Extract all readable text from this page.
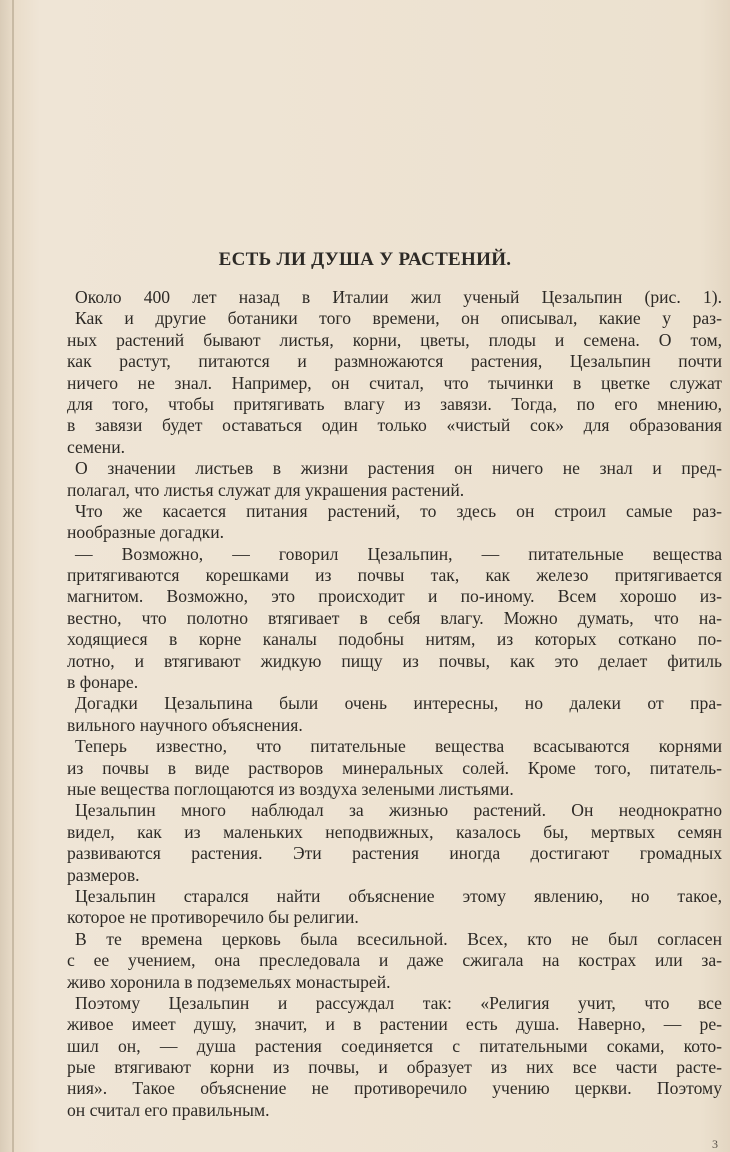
ЕСТЬ ЛИ ДУША У РАСТЕНИЙ.
Около 400 лет назад в Италии жил ученый Цезальпин (рис. 1).
Как и другие ботаники того времени, он описывал, какие у раз-
ных растений бывают листья, корни, цветы, плоды и семена. О том,
как растут, питаются и размножаются растения, Цезальпин почти
ничего не знал. Например, он считал, что тычинки в цветке служат
для того, чтобы притягивать влагу из завязи. Тогда, по его мнению,
в завязи будет оставаться один только «чистый сок» для образования
семени.
О значении листьев в жизни растения он ничего не знал и пред-
полагал, что листья служат для украшения растений.
Что же касается питания растений, то здесь он строил самые раз-
нообразные догадки.
— Возможно, — говорил Цезальпин, — питательные вещества
притягиваются корешками из почвы так, как железо притягивается
магнитом. Возможно, это происходит и по-иному. Всем хорошо из-
вестно, что полотно втягивает в себя влагу. Можно думать, что на-
ходящиеся в корне каналы подобны нитям, из которых соткано по-
лотно, и втягивают жидкую пищу из почвы, как это делает фитиль
в фонаре.
Догадки Цезальпина были очень интересны, но далеки от пра-
вильного научного объяснения.
Теперь известно, что питательные вещества всасываются корнями
из почвы в виде растворов минеральных солей. Кроме того, питатель-
ные вещества поглощаются из воздуха зелеными листьями.
Цезальпин много наблюдал за жизнью растений. Он неоднократно
видел, как из маленьких неподвижных, казалось бы, мертвых семян
развиваются растения. Эти растения иногда достигают громадных
размеров.
Цезальпин старался найти объяснение этому явлению, но такое,
которое не противоречило бы религии.
В те времена церковь была всесильной. Всех, кто не был согласен
с ее учением, она преследовала и даже сжигала на кострах или за-
живо хоронила в подземельях монастырей.
Поэтому Цезальпин и рассуждал так: «Религия учит, что все
живое имеет душу, значит, и в растении есть душа. Наверно, — ре-
шил он, — душа растения соединяется с питательными соками, кото-
рые втягивают корни из почвы, и образует из них все части расте-
ния». Такое объяснение не противоречило учению церкви. Поэтому
он считал его правильным.
3
